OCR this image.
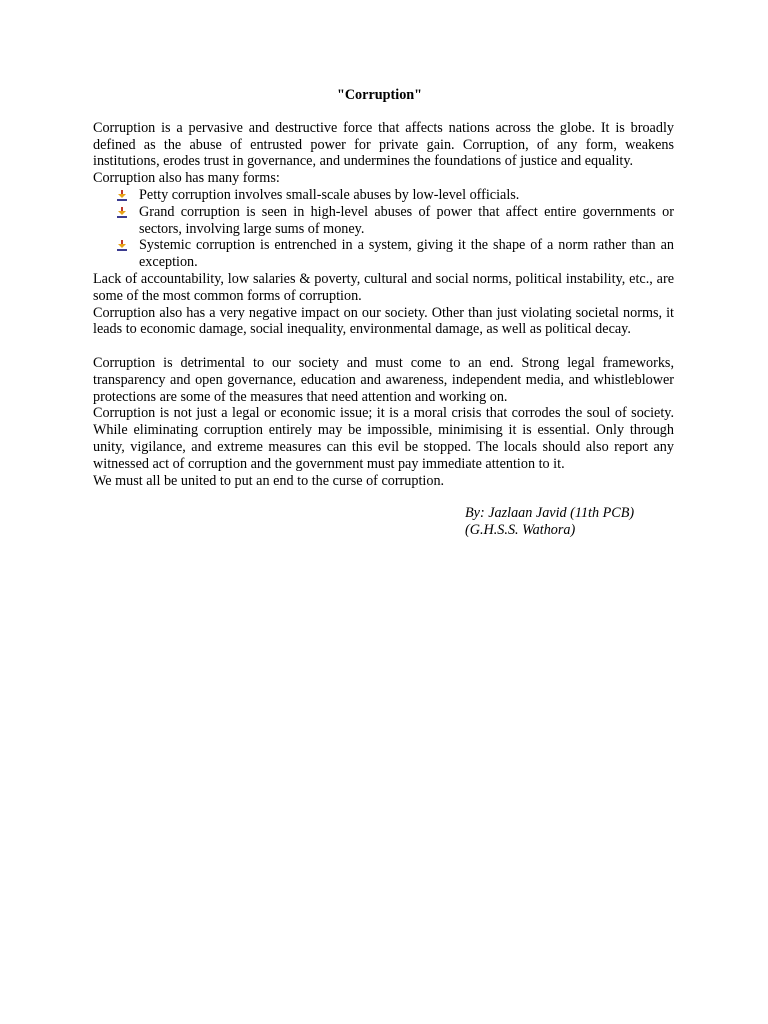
"Corruption"

Corruption is a pervasive and destructive force that affects nations across the globe. It is broadly defined as the abuse of entrusted power for private gain. Corruption, of any form, weakens institutions, erodes trust in governance, and undermines the foundations of justice and equality.

Corruption also has many forms:

Petty corruption involves small-scale abuses by low-level officials.
Grand corruption is seen in high-level abuses of power that affect entire governments or sectors, involving large sums of money.
Systemic corruption is entrenched in a system, giving it the shape of a norm rather than an exception.

Lack of accountability, low salaries & poverty, cultural and social norms, political instability, etc., are some of the most common forms of corruption.

Corruption also has a very negative impact on our society. Other than just violating societal norms, it leads to economic damage, social inequality, environmental damage, as well as political decay.

Corruption is detrimental to our society and must come to an end. Strong legal frameworks, transparency and open governance, education and awareness, independent media, and whistleblower protections are some of the measures that need attention and working on.

Corruption is not just a legal or economic issue; it is a moral crisis that corrodes the soul of society. While eliminating corruption entirely may be impossible, minimising it is essential. Only through unity, vigilance, and extreme measures can this evil be stopped. The locals should also report any witnessed act of corruption and the government must pay immediate attention to it.

We must all be united to put an end to the curse of corruption.

By: Jazlaan Javid (11th PCB)
(G.H.S.S. Wathora)
